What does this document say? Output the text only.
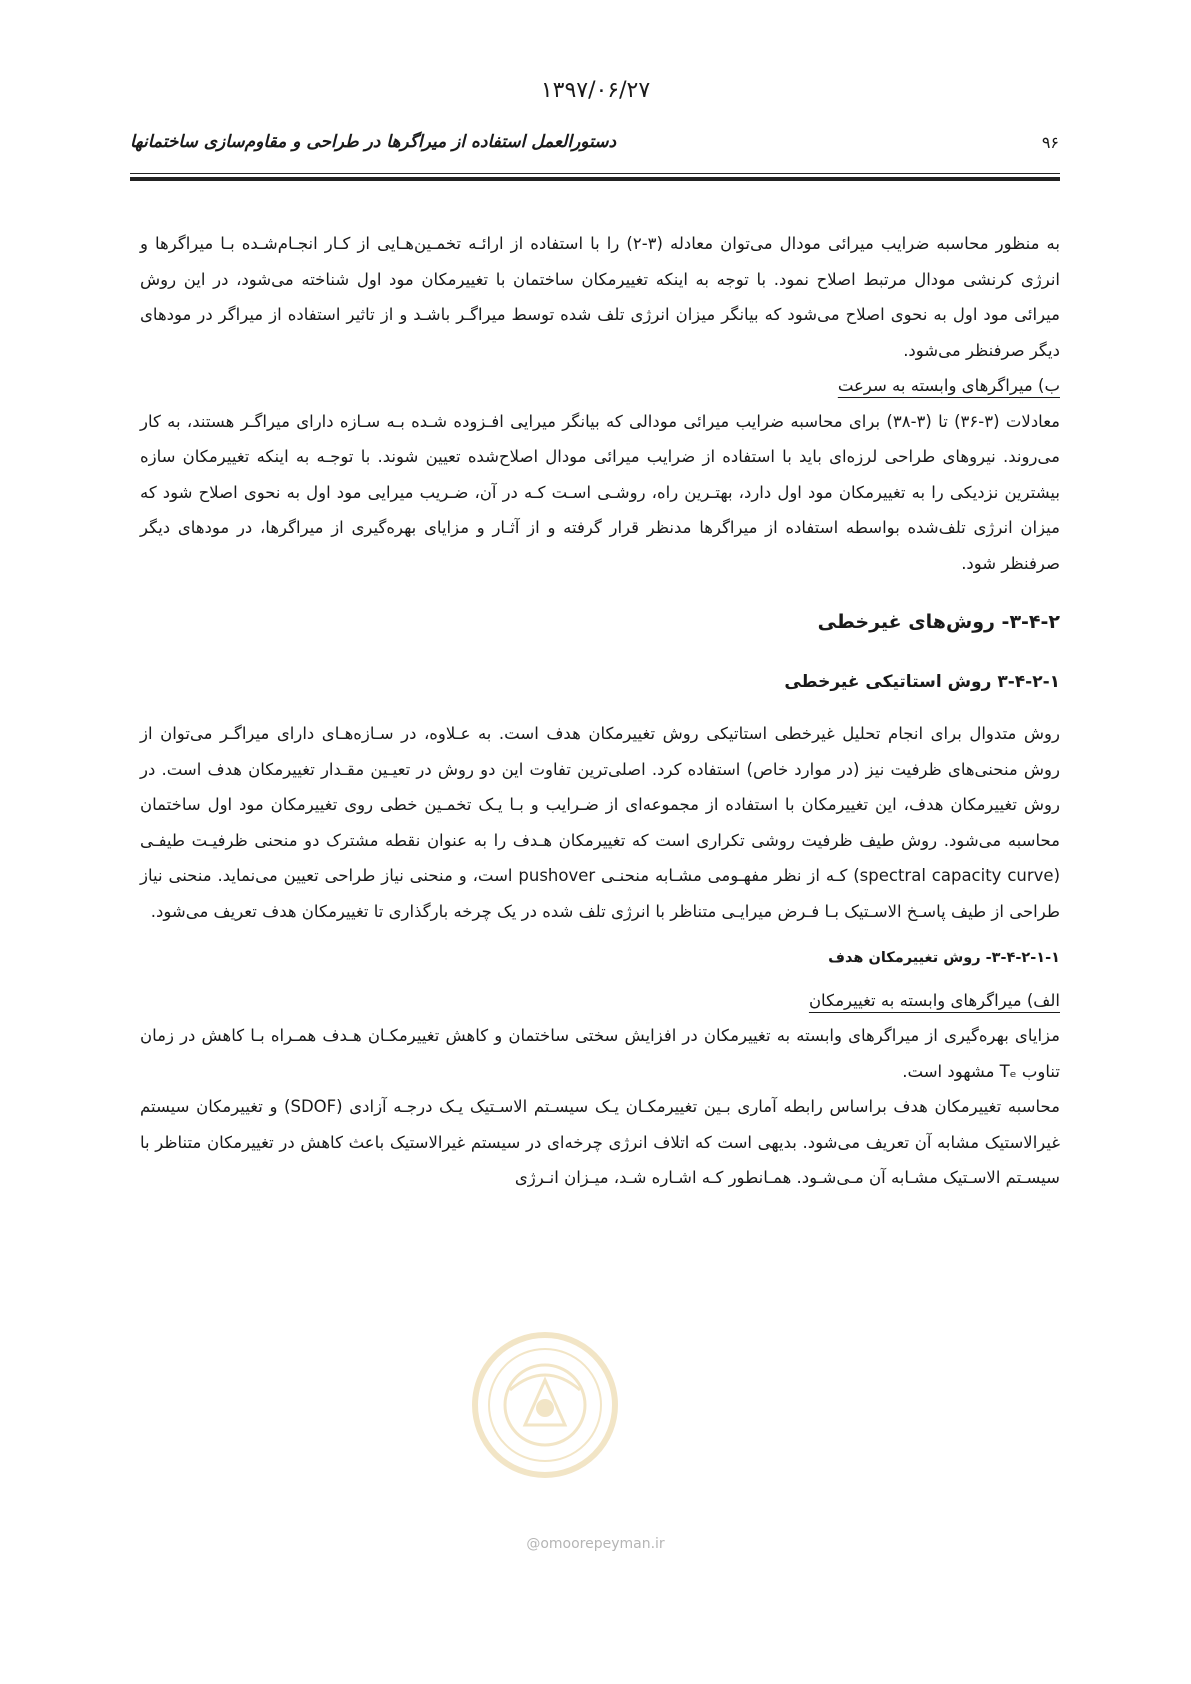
۱۳۹۷/۰۶/۲۷
دستورالعمل استفاده از میراگرها در طراحی و مقاوم‌سازی ساختمانها	۹۶

به منظور محاسبه ضرایب میرائی مودال می‌توان معادله (۳-۲) را با استفاده از ارائـه تخمـین‌هـایی از کـار انجـام‌شـده بـا میراگرها و انرژی کرنشی مودال مرتبط اصلاح نمود. با توجه به اینکه تغییرمکان ساختمان با تغییرمکان مود اول شناخته می‌شود، در این روش میرائی مود اول به نحوی اصلاح می‌شود که بیانگر میزان انرژی تلف شده توسط میراگـر باشـد و از تاثیر استفاده از میراگر در مودهای دیگر صرفنظر می‌شود.

ب) میراگرهای وابسته به سرعت

معادلات (۳-۳۶) تا (۳-۳۸) برای محاسبه ضرایب میرائی مودالی که بیانگر میرایی افـزوده شـده بـه سـازه دارای میراگـر هستند، به کار می‌روند. نیروهای طراحی لرزه‌ای باید با استفاده از ضرایب میرائی مودال اصلاح‌شده تعیین شوند. با توجـه به اینکه تغییرمکان سازه بیشترین نزدیکی را به تغییرمکان مود اول دارد، بهتـرین راه، روشـی اسـت کـه در آن، ضـریب میرایی مود اول به نحوی اصلاح شود که میزان انرژی تلف‌شده بواسطه استفاده از میراگرها مدنظر قرار گرفته و از آثـار و مزایای بهره‌گیری از میراگرها، در مودهای دیگر صرفنظر شود.

۳-۴-۲- روش‌های غیرخطی

۳-۴-۲-۱ روش استاتیکی غیرخطی

روش متدوال برای انجام تحلیل غیرخطی استاتیکی روش تغییرمکان هدف است. به عـلاوه، در سـازه‌هـای دارای میراگـر می‌توان از روش منحنی‌های ظرفیت نیز (در موارد خاص) استفاده کرد. اصلی‌ترین تفاوت این دو روش در تعیـین مقـدار تغییرمکان هدف است. در روش تغییرمکان هدف، این تغییرمکان با استفاده از مجموعه‌ای از ضـرایب و بـا یـک تخمـین خطی روی تغییرمکان مود اول ساختمان محاسبه می‌شود. روش طیف ظرفیت روشی تکراری است که تغییرمکان هـدف را به عنوان نقطه مشترک دو منحنی ظرفیـت طیفـی (spectral capacity curve) کـه از نظر مفهـومی مشـابه منحنـی pushover است، و منحنی نیاز طراحی تعیین می‌نماید. منحنی نیاز طراحی از طیف پاسـخ الاسـتیک بـا فـرض میرایـی متناظر با انرژی تلف شده در یک چرخه بارگذاری تا تغییرمکان هدف تعریف می‌شود.

۳-۴-۲-۱-۱- روش تغییرمکان هدف

الف) میراگرهای وابسته به تغییرمکان

مزایای بهره‌گیری از میراگرهای وابسته به تغییرمکان در افزایش سختی ساختمان و کاهش تغییرمکـان هـدف همـراه بـا کاهش در زمان تناوب Tₑ مشهود است.

محاسبه تغییرمکان هدف براساس رابطه آماری بـین تغییرمکـان یـک سیسـتم الاسـتیک یـک درجـه آزادی (SDOF) و تغییرمکان سیستم غیرالاستیک مشابه آن تعریف می‌شود. بدیهی است که اتلاف انرژی چرخه‌ای در سیستم غیرالاستیک باعث کاهش در تغییرمکان متناظر با سیسـتم الاسـتیک مشـابه آن مـی‌شـود. همـانطور کـه اشـاره شـد، میـزان انـرژی

@omoorepeyman.ir
